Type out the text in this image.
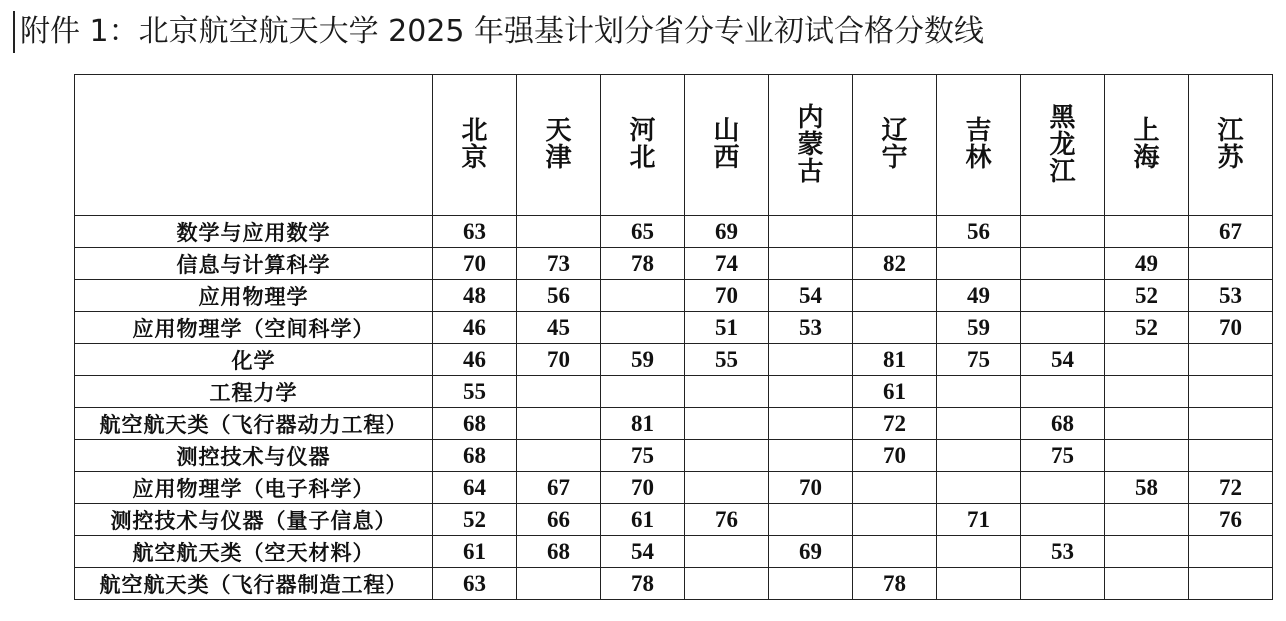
附件 1：北京航空航天大学 2025 年强基计划分省分专业初试合格分数线
	北京	天津	河北	山西	内蒙古	辽宁	吉林	黑龙江	上海	江苏
数学与应用数学	63		65	69			56			67
信息与计算科学	70	73	78	74		82			49	
应用物理学	48	56		70	54		49		52	53
应用物理学（空间科学）	46	45		51	53		59		52	70
化学	46	70	59	55		81	75	54		
工程力学	55					61				
航空航天类（飞行器动力工程）	68		81			72		68		
测控技术与仪器	68		75			70		75		
应用物理学（电子科学）	64	67	70		70				58	72
测控技术与仪器（量子信息）	52	66	61	76			71			76
航空航天类（空天材料）	61	68	54		69			53		
航空航天类（飞行器制造工程）	63		78			78				
